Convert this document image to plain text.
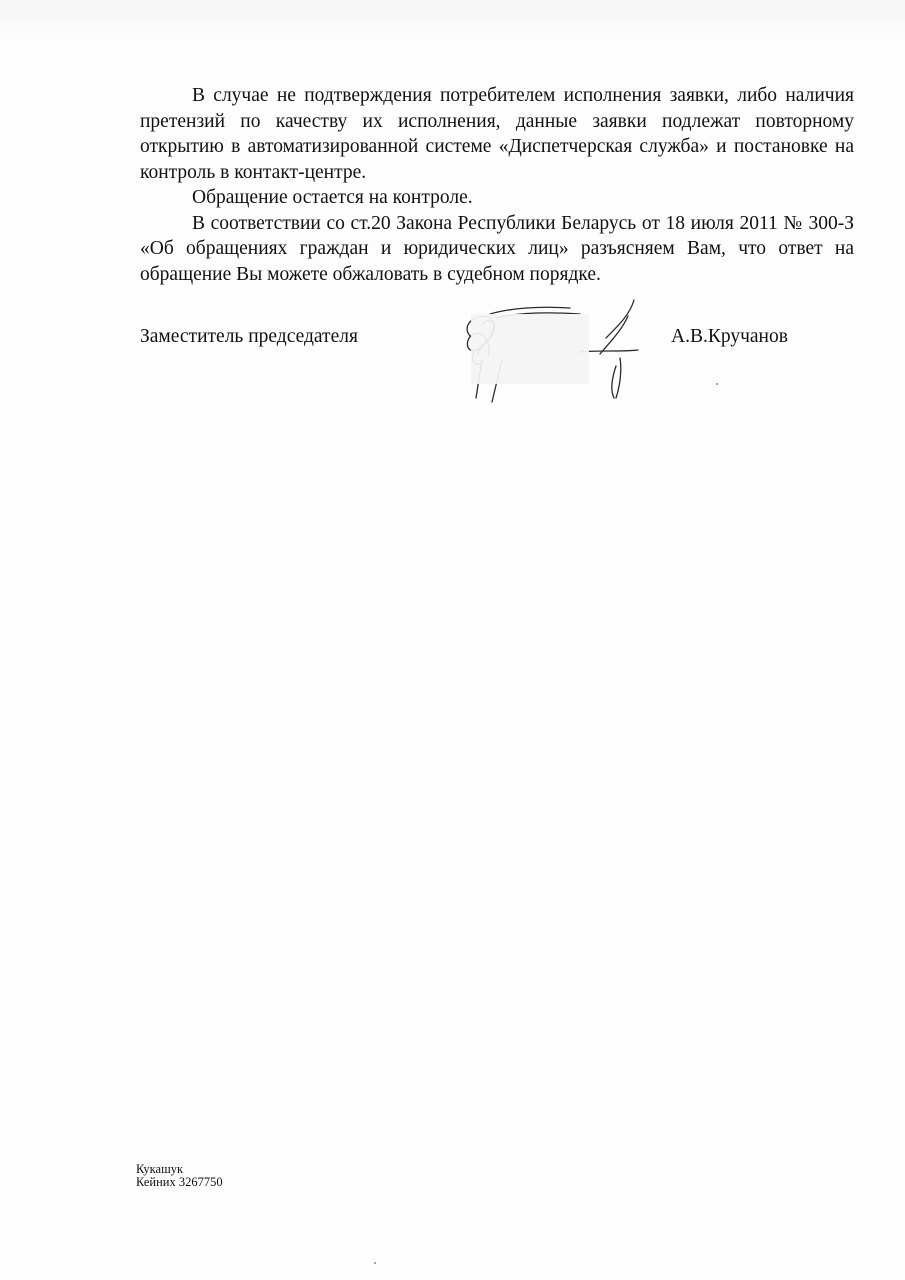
В случае не подтверждения потребителем исполнения заявки, либо наличия претензий по качеству их исполнения, данные заявки подлежат повторному открытию в автоматизированной системе «Диспетчерская служба» и постановке на контроль в контакт-центре.

Обращение остается на контроле.

В соответствии со ст.20 Закона Республики Беларусь от 18 июля 2011 № 300-З «Об обращениях граждан и юридических лиц» разъясняем Вам, что ответ на обращение Вы можете обжаловать в судебном порядке.

Заместитель председателя	А.В.Кручанов
Кукашук
Кейних 3267750
